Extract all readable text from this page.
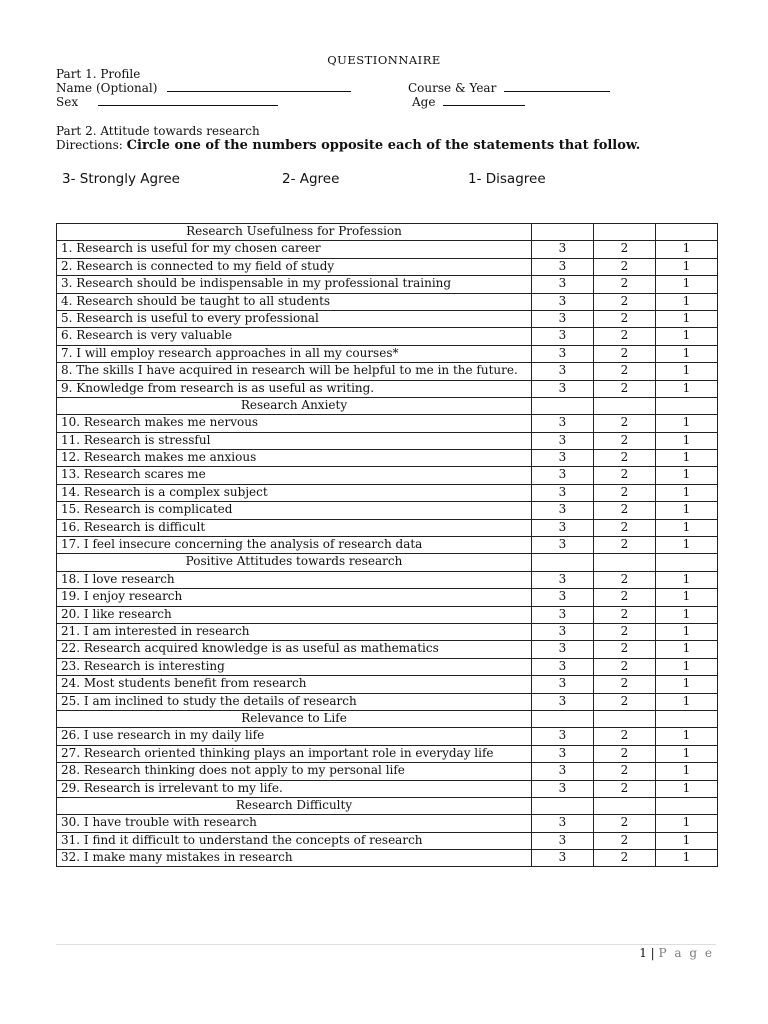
QUESTIONNAIRE
Part 1. Profile
Name (Optional)	Course & Year
Sex	Age
Part 2. Attitude towards research
Directions: Circle one of the numbers opposite each of the statements that follow.
3- Strongly Agree	2- Agree	1- Disagree
Research Usefulness for Profession			
1. Research is useful for my chosen career	3	2	1
2. Research is connected to my field of study	3	2	1
3. Research should be indispensable in my professional training	3	2	1
4. Research should be taught to all students	3	2	1
5. Research is useful to every professional	3	2	1
6. Research is very valuable	3	2	1
7. I will employ research approaches in all my courses*	3	2	1
8. The skills I have acquired in research will be helpful to me in the future.	3	2	1
9. Knowledge from research is as useful as writing.	3	2	1
Research Anxiety			
10. Research makes me nervous	3	2	1
11. Research is stressful	3	2	1
12. Research makes me anxious	3	2	1
13. Research scares me	3	2	1
14. Research is a complex subject	3	2	1
15. Research is complicated	3	2	1
16. Research is difficult	3	2	1
17. I feel insecure concerning the analysis of research data	3	2	1
Positive Attitudes towards research			
18. I love research	3	2	1
19. I enjoy research	3	2	1
20. I like research	3	2	1
21. I am interested in research	3	2	1
22. Research acquired knowledge is as useful as mathematics	3	2	1
23. Research is interesting	3	2	1
24. Most students benefit from research	3	2	1
25. I am inclined to study the details of research	3	2	1
Relevance to Life			
26. I use research in my daily life	3	2	1
27. Research oriented thinking plays an important role in everyday life	3	2	1
28. Research thinking does not apply to my personal life	3	2	1
29. Research is irrelevant to my life.	3	2	1
Research Difficulty			
30. I have trouble with research	3	2	1
31. I find it difficult to understand the concepts of research	3	2	1
32. I make many mistakes in research	3	2	1
1 | P a g e
